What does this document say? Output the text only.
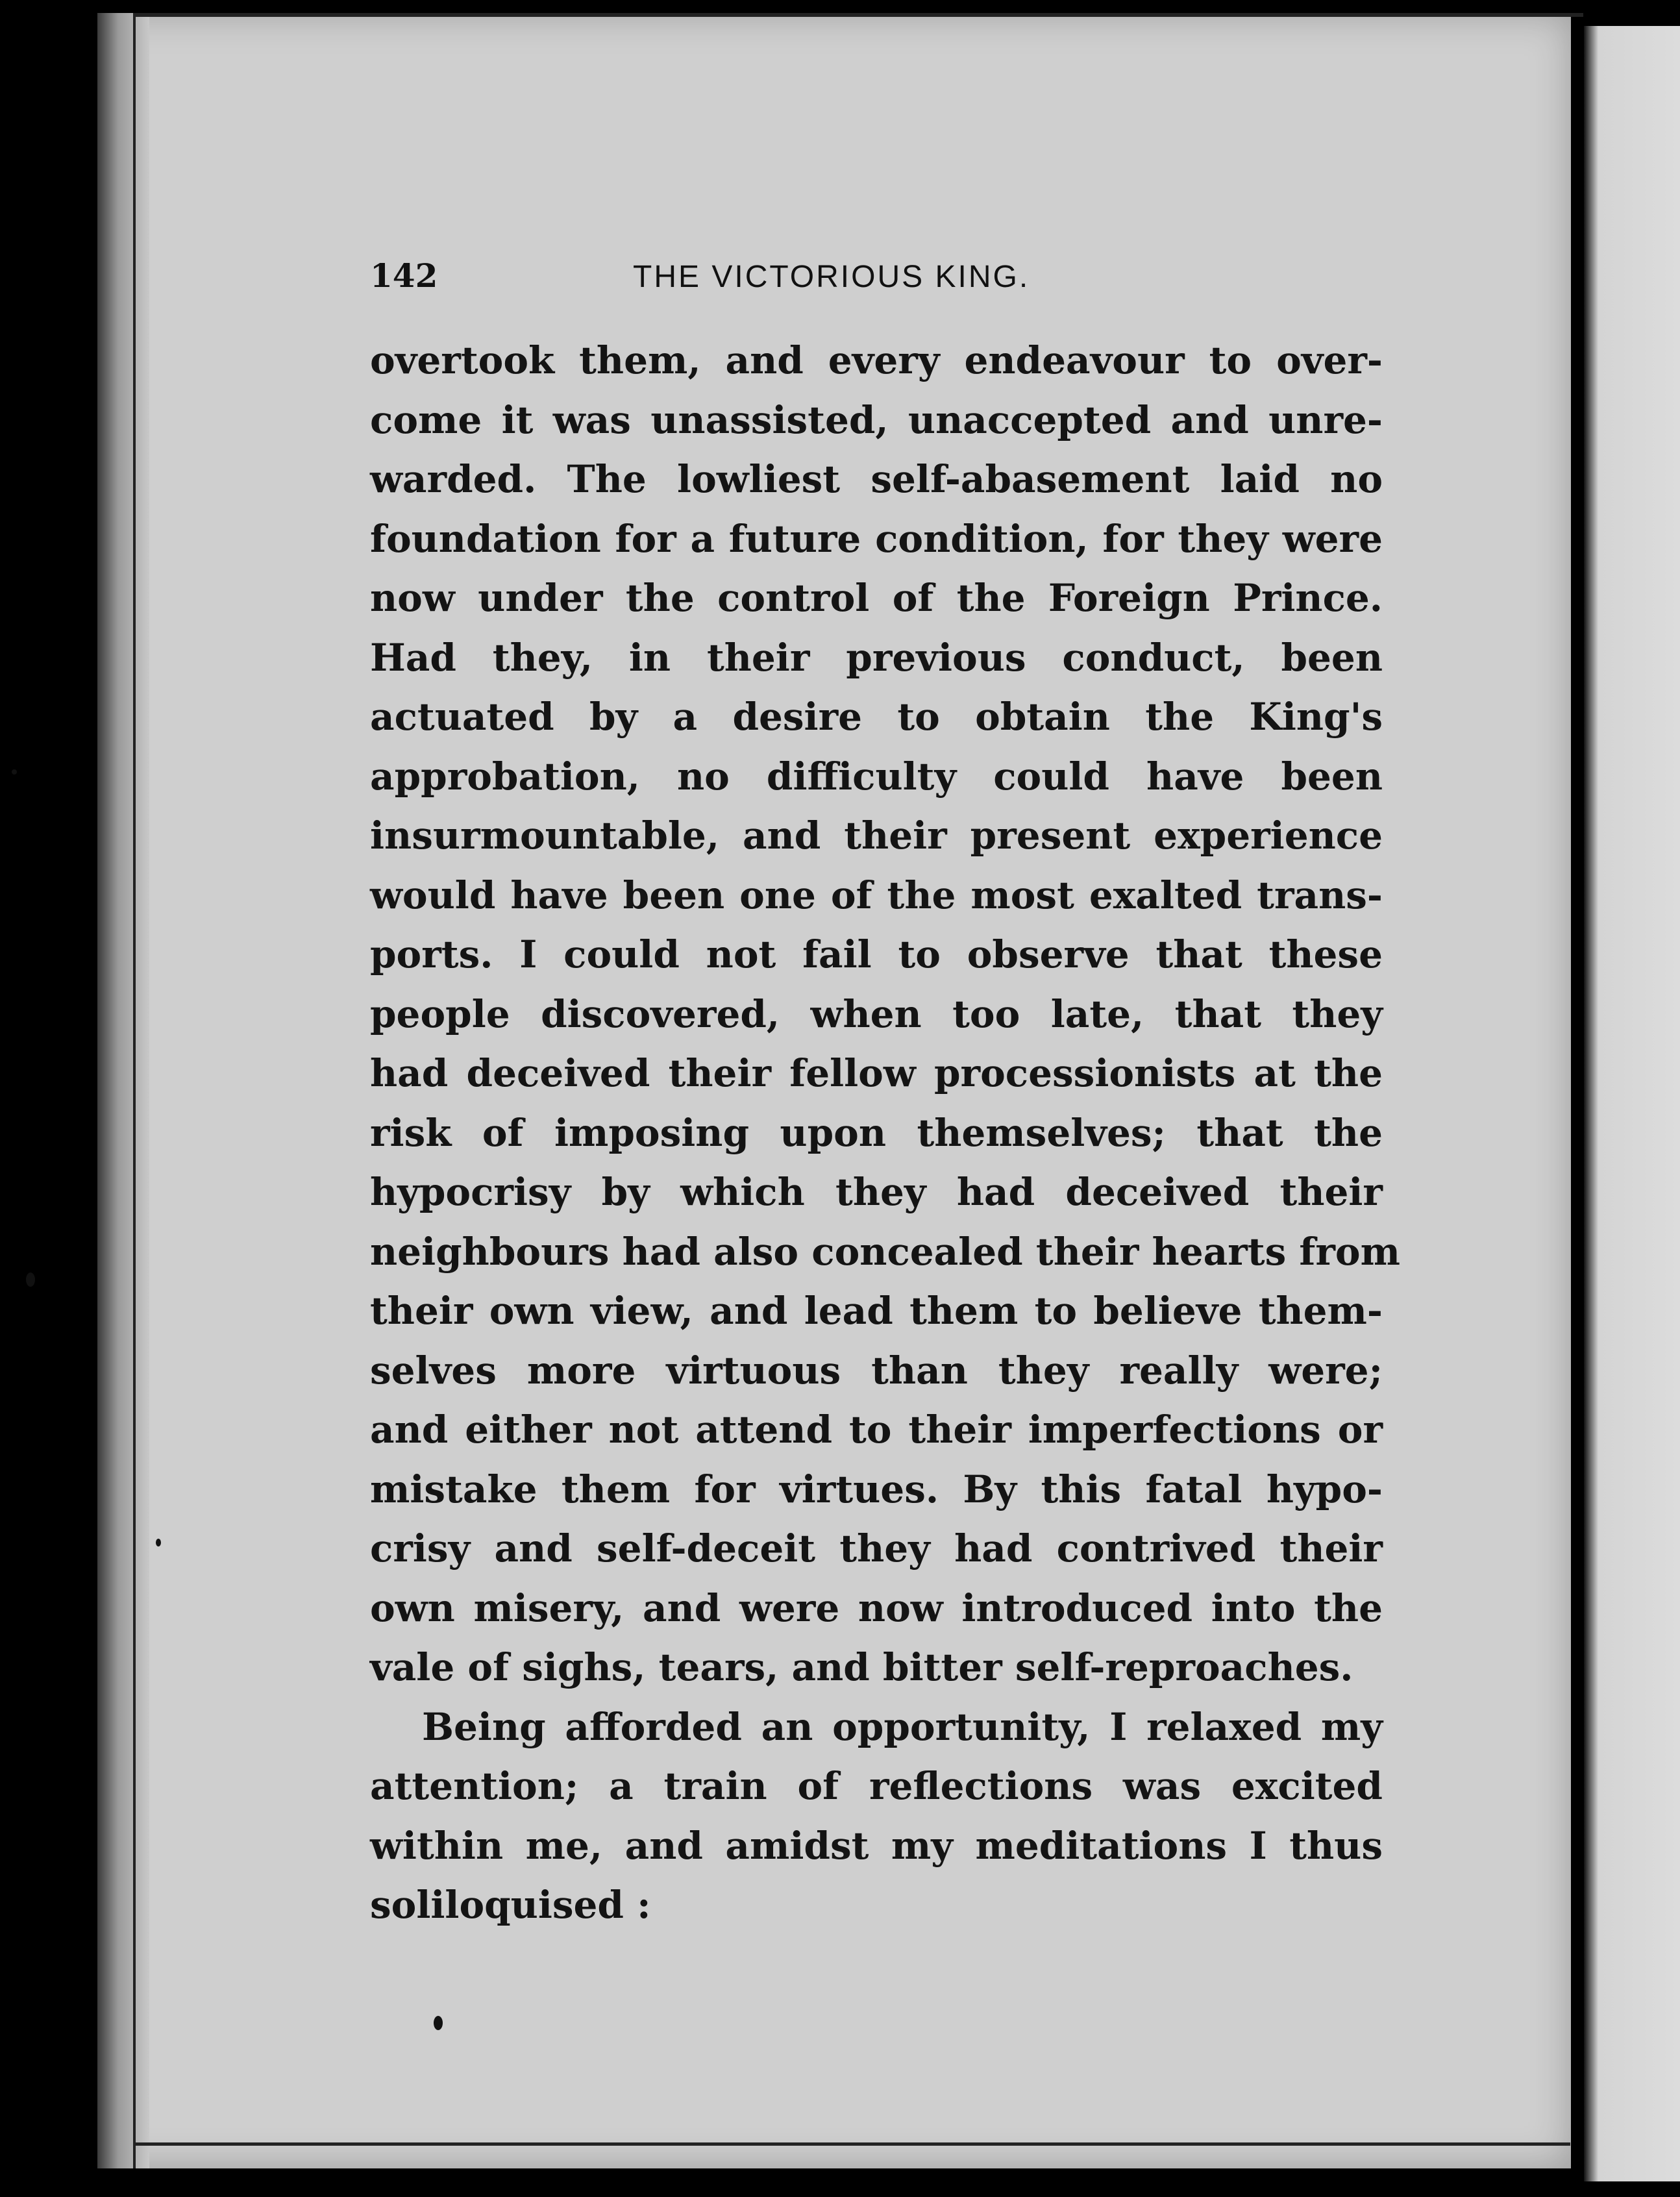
142	THE VICTORIOUS KING.
overtook them, and every endeavour to over-
come it was unassisted, unaccepted and unre-
warded. The lowliest self-abasement laid no
foundation for a future condition, for they were
now under the control of the Foreign Prince.
Had they, in their previous conduct, been
actuated by a desire to obtain the King's
approbation, no difficulty could have been
insurmountable, and their present experience
would have been one of the most exalted trans-
ports. I could not fail to observe that these
people discovered, when too late, that they
had deceived their fellow processionists at the
risk of imposing upon themselves; that the
hypocrisy by which they had deceived their
neighbours had also concealed their hearts from
their own view, and lead them to believe them-
selves more virtuous than they really were;
and either not attend to their imperfections or
mistake them for virtues. By this fatal hypo-
crisy and self-deceit they had contrived their
own misery, and were now introduced into the
vale of sighs, tears, and bitter self-reproaches.
Being afforded an opportunity, I relaxed my
attention; a train of reflections was excited
within me, and amidst my meditations I thus
soliloquised :
